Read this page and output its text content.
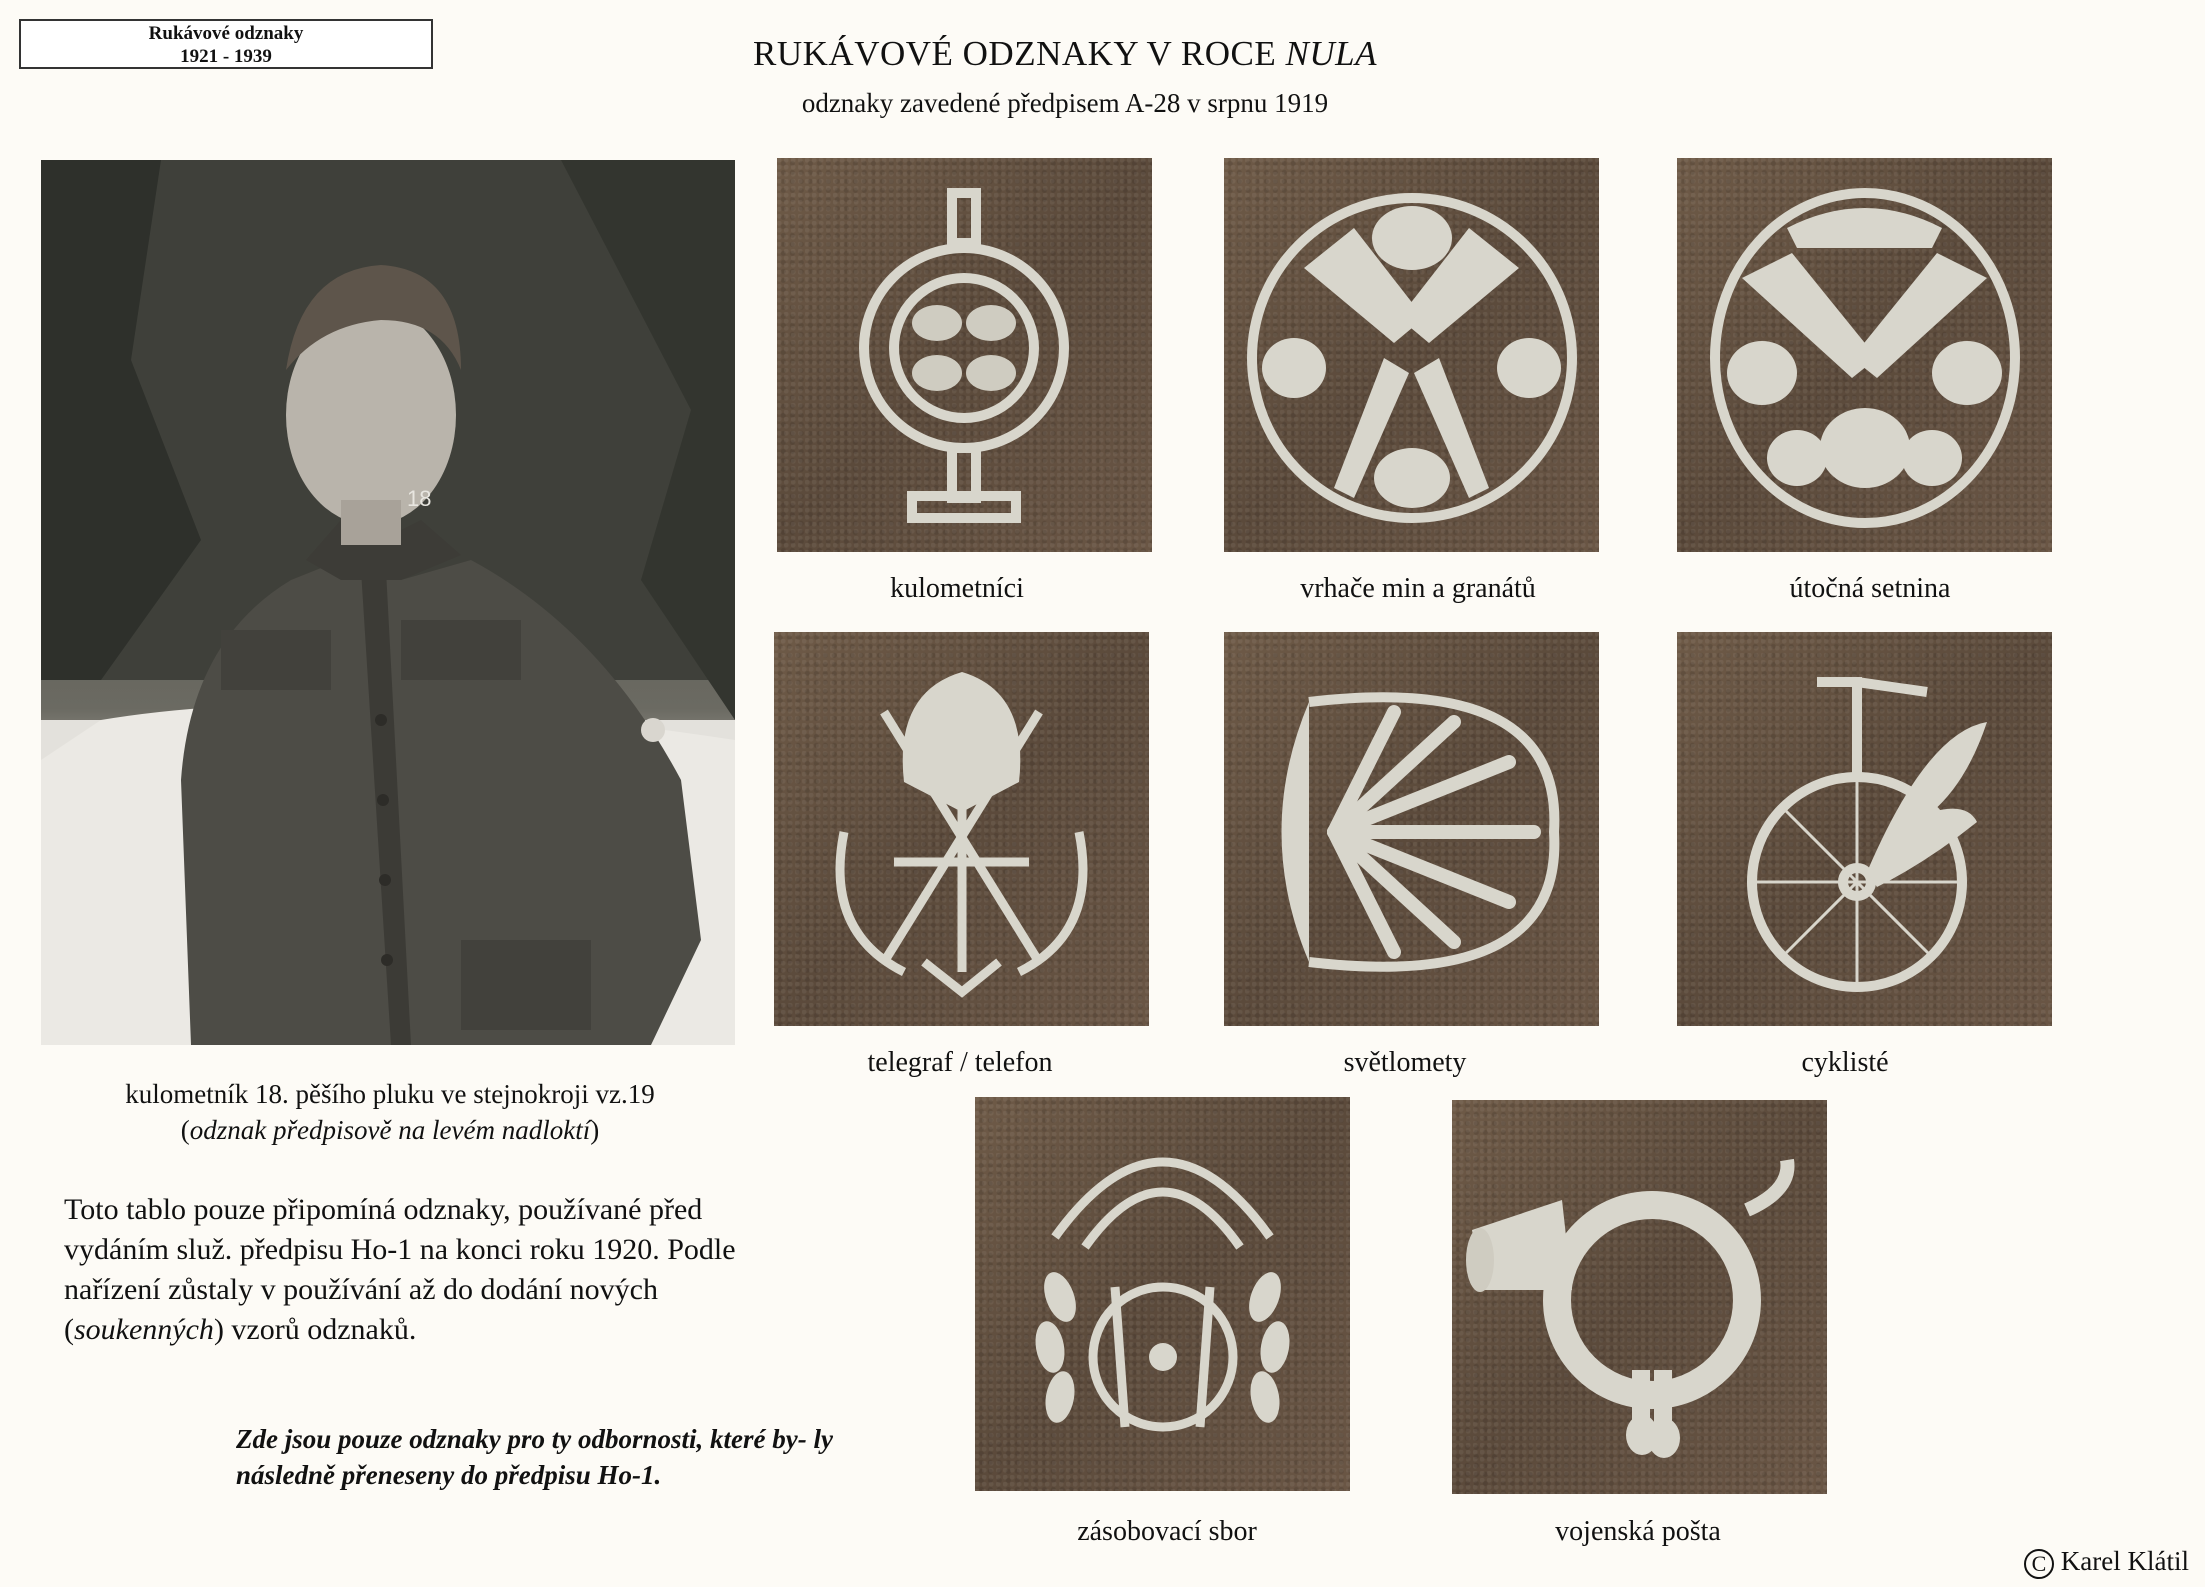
Rukávové odznaky
1921 - 1939	RUKÁVOVÉ ODZNAKY V ROCE NULA
odznaky zavedené předpisem A-28 v srpnu 1919
18
kulometník 18. pěšího pluku ve stejnokroji vz.19
(odznak předpisově na levém nadloktí)
Toto tablo pouze připomíná odznaky, používané před vydáním služ. předpisu Ho-1 na konci roku 1920. Podle nařízení zůstaly v používání až do dodání nových (soukenných) vzorů odznaků.
Zde jsou pouze odznaky pro ty odbornosti, které by- ly následně přeneseny do předpisu Ho-1.
kulometníci	vrhače min a granátů	útočná setnina
telegraf / telefon	světlomety	cyklisté
zásobovací sbor	vojenská pošta
C Karel Klátil
